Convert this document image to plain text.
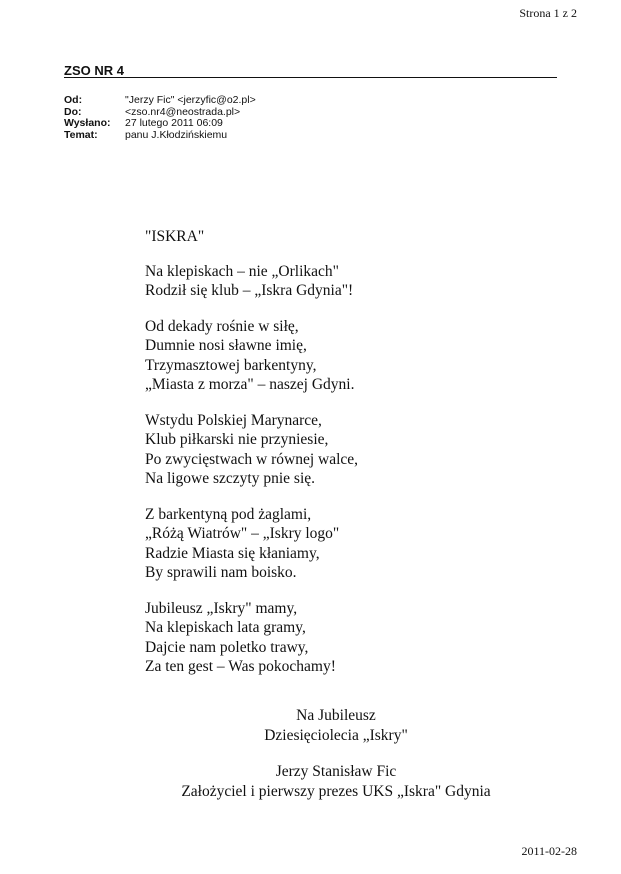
Strona 1 z 2
ZSO NR 4
Od:	"Jerzy Fic" <jerzyfic@o2.pl>
Do:	<zso.nr4@neostrada.pl>
Wysłano:	27 lutego 2011 06:09
Temat:	panu J.Kłodzińskiemu
"ISKRA"
Na klepiskach – nie „Orlikach"
Rodził się klub – „Iskra Gdynia"!
Od dekady rośnie w siłę,
Dumnie nosi sławne imię,
Trzymasztowej barkentyny,
„Miasta z morza" – naszej Gdyni.
Wstydu Polskiej Marynarce,
Klub piłkarski nie przyniesie,
Po zwycięstwach w równej walce,
Na ligowe szczyty pnie się.
Z barkentyną pod żaglami,
„Różą Wiatrów" – „Iskry logo"
Radzie Miasta się kłaniamy,
By sprawili nam boisko.
Jubileusz „Iskry" mamy,
Na klepiskach lata gramy,
Dajcie nam poletko trawy,
Za ten gest – Was pokochamy!
Na Jubileusz
Dziesięciolecia „Iskry"
Jerzy Stanisław Fic
Założyciel i pierwszy prezes UKS „Iskra" Gdynia
2011-02-28
